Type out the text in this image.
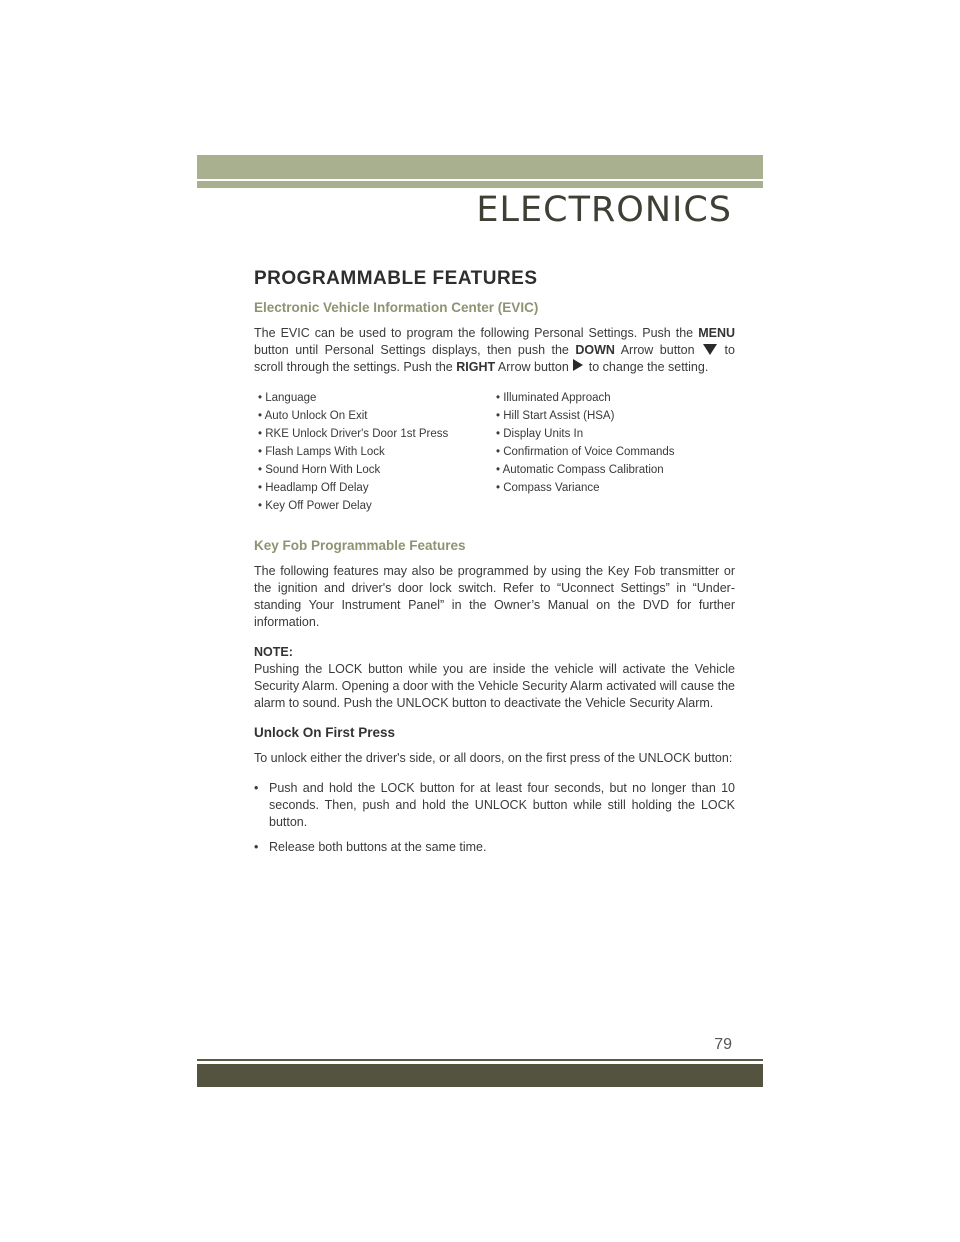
ELECTRONICS
PROGRAMMABLE FEATURES
Electronic Vehicle Information Center (EVIC)

The EVIC can be used to program the following Personal Settings. Push the MENU button until Personal Settings displays, then push the DOWN Arrow button to scroll through the settings. Push the RIGHT Arrow button to change the setting.

• Language
• Auto Unlock On Exit
• RKE Unlock Driver's Door 1st Press
• Flash Lamps With Lock
• Sound Horn With Lock
• Headlamp Off Delay
• Key Off Power Delay
• Illuminated Approach
• Hill Start Assist (HSA)
• Display Units In
• Confirmation of Voice Commands
• Automatic Compass Calibration
• Compass Variance
Key Fob Programmable Features

The following features may also be programmed by using the Key Fob transmitter or the ignition and driver's door lock switch. Refer to “Uconnect Settings” in “Under-standing Your Instrument Panel” in the Owner’s Manual on the DVD for further information.

NOTE:
Pushing the LOCK button while you are inside the vehicle will activate the Vehicle Security Alarm. Opening a door with the Vehicle Security Alarm activated will cause the alarm to sound. Push the UNLOCK button to deactivate the Vehicle Security Alarm.

Unlock On First Press

To unlock either the driver's side, or all doors, on the first press of the UNLOCK button:

• Push and hold the LOCK button for at least four seconds, but no longer than 10 seconds. Then, push and hold the UNLOCK button while still holding the LOCK button.
• Release both buttons at the same time.
79
